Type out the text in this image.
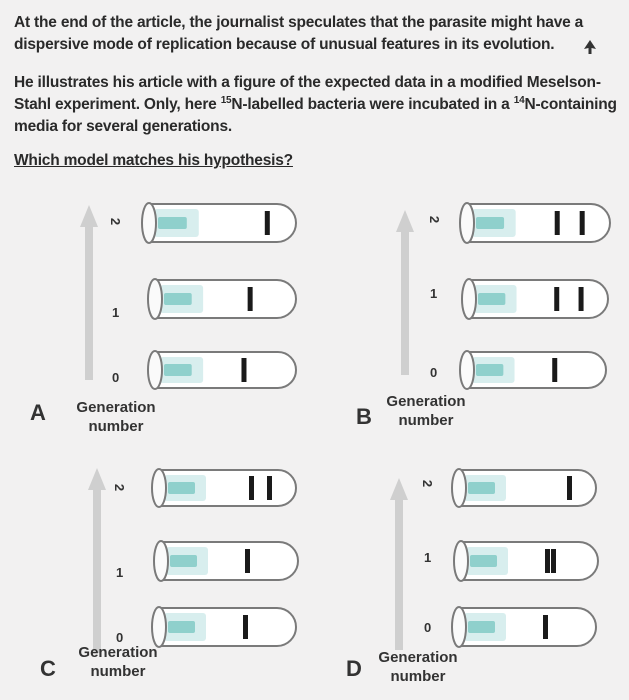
At the end of the article, the journalist speculates that the parasite might have a dispersive mode of replication because of unusual features in its evolution.
He illustrates his article with a figure of the expected data in a modified Meselson-Stahl experiment. Only, here $^{15}$N-labelled bacteria were incubated in a $^{14}$N-containing media for several generations.
Which model matches his hypothesis?
2
1
0
Generation
number
A
2
1
0
Generation
number
B
2
1
0
Generation
number
C
2
1
0
Generation
number
D
